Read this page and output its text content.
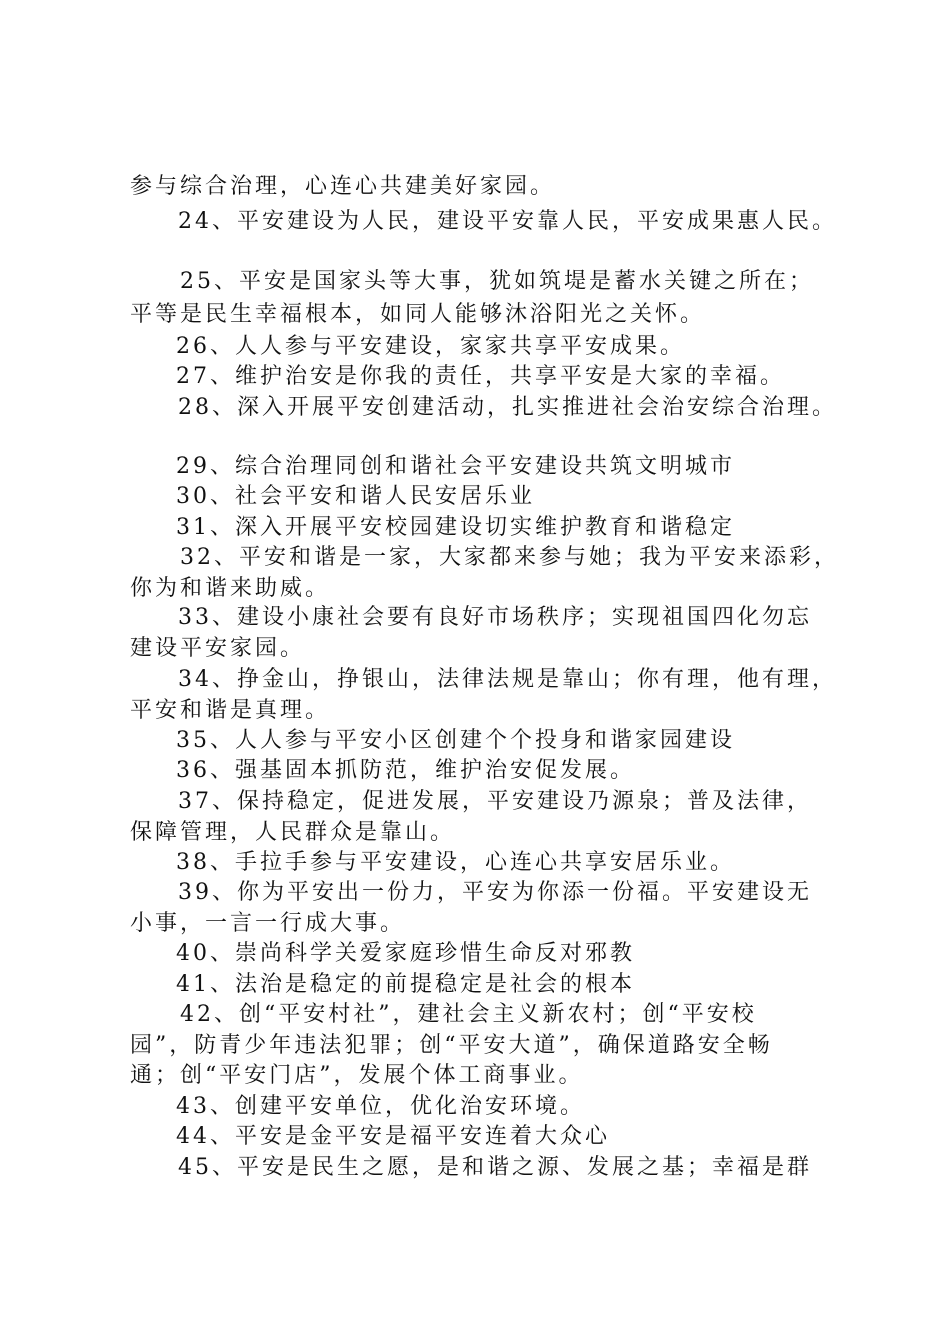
参与综合治理，心连心共建美好家园。
24、平安建设为人民，建设平安靠人民，平安成果惠人民。
25、平安是国家头等大事，犹如筑堤是蓄水关键之所在；
平等是民生幸福根本，如同人能够沐浴阳光之关怀。
26、人人参与平安建设，家家共享平安成果。
27、维护治安是你我的责任，共享平安是大家的幸福。
28、深入开展平安创建活动，扎实推进社会治安综合治理。
29、综合治理同创和谐社会平安建设共筑文明城市
30、社会平安和谐人民安居乐业
31、深入开展平安校园建设切实维护教育和谐稳定
32、平安和谐是一家，大家都来参与她；我为平安来添彩，
你为和谐来助威。
33、建设小康社会要有良好市场秩序；实现祖国四化勿忘
建设平安家园。
34、挣金山，挣银山，法律法规是靠山；你有理，他有理，
平安和谐是真理。
35、人人参与平安小区创建个个投身和谐家园建设
36、强基固本抓防范，维护治安促发展。
37、保持稳定，促进发展，平安建设乃源泉；普及法律，
保障管理，人民群众是靠山。
38、手拉手参与平安建设，心连心共享安居乐业。
39、你为平安出一份力，平安为你添一份福。平安建设无
小事，一言一行成大事。
40、崇尚科学关爱家庭珍惜生命反对邪教
41、法治是稳定的前提稳定是社会的根本
42、创“平安村社”，建社会主义新农村；创“平安校
园”，防青少年违法犯罪；创“平安大道”，确保道路安全畅
通；创“平安门店”，发展个体工商事业。
43、创建平安单位，优化治安环境。
44、平安是金平安是福平安连着大众心
45、平安是民生之愿，是和谐之源、发展之基；幸福是群
